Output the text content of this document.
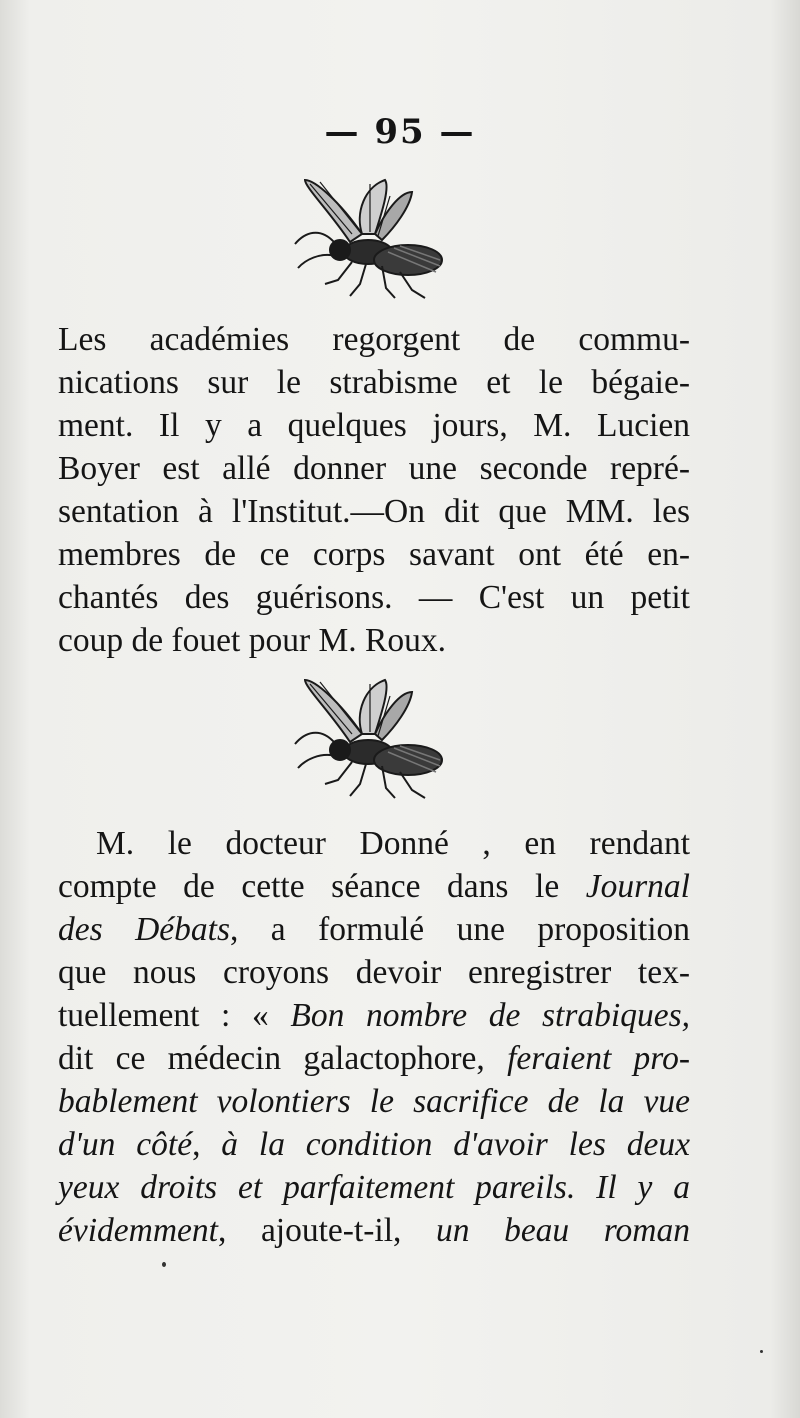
— 95 —
Les académies regorgent de commu-
nications sur le strabisme et le bégaie-
ment. Il y a quelques jours, M. Lucien
Boyer est allé donner une seconde repré-
sentation à l'Institut.—On dit que MM. les
membres de ce corps savant ont été en-
chantés des guérisons. — C'est un petit
coup de fouet pour M. Roux.
M. le docteur Donné , en rendant
compte de cette séance dans le Journal
des Débats, a formulé une proposition
que nous croyons devoir enregistrer tex-
tuellement : « Bon nombre de strabiques,
dit ce médecin galactophore, feraient pro-
bablement volontiers le sacrifice de la vue
d'un côté, à la condition d'avoir les deux
yeux droits et parfaitement pareils. Il y a
évidemment, ajoute-t-il, un beau roman
